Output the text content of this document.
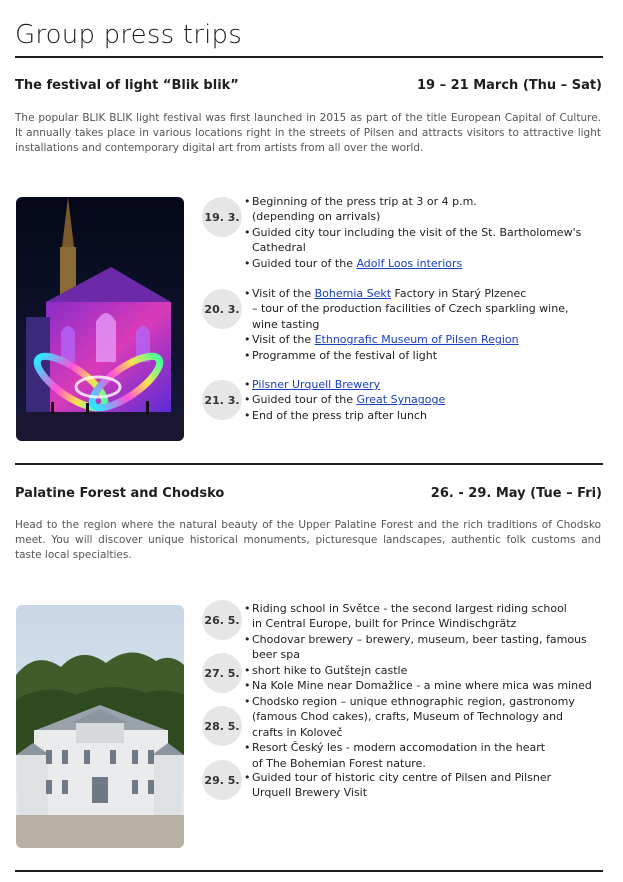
Group press trips
The festival of light “Blik blik”	19 – 21 March (Thu – Sat)
The popular BLIK BLIK light festival was first launched in 2015 as part of the title European Capital of Culture. It annually takes place in various locations right in the streets of Pilsen and attracts visitors to attractive light installations and contemporary digital art from artists from all over the world.
19. 3.
• Beginning of the press trip at 3 or 4 p.m.
(depending on arrivals)
• Guided city tour including the visit of the St. Bartholomew's
Cathedral
• Guided tour of the Adolf Loos interiors
20. 3.
• Visit of the Bohemia Sekt Factory in Starý Plzenec
– tour of the production facilities of Czech sparkling wine,
wine tasting
• Visit of the Ethnografic Museum of Pilsen Region
• Programme of the festival of light
21. 3.
• Pilsner Urquell Brewery
• Guided tour of the Great Synagoge
• End of the press trip after lunch
Palatine Forest and Chodsko	26. - 29. May (Tue – Fri)
Head to the region where the natural beauty of the Upper Palatine Forest and the rich traditions of Chodsko meet. You will discover unique historical monuments, picturesque landscapes, authentic folk customs and taste local specialties.
26. 5.
• Riding school in Světce - the second largest riding school
in Central Europe, built for Prince Windischgrätz
• Chodovar brewery – brewery, museum, beer tasting, famous
beer spa
27. 5.	• short hike to Gutštejn castle
• Na Kole Mine near Domažlice - a mine where mica was mined
28. 5.
• Chodsko region – unique ethnographic region, gastronomy
(famous Chod cakes), crafts, Museum of Technology and
crafts in Koloveč
• Resort Český les - modern accomodation in the heart
of The Bohemian Forest nature.
29. 5.	• Guided tour of historic city centre of Pilsen and Pilsner
Urquell Brewery Visit
